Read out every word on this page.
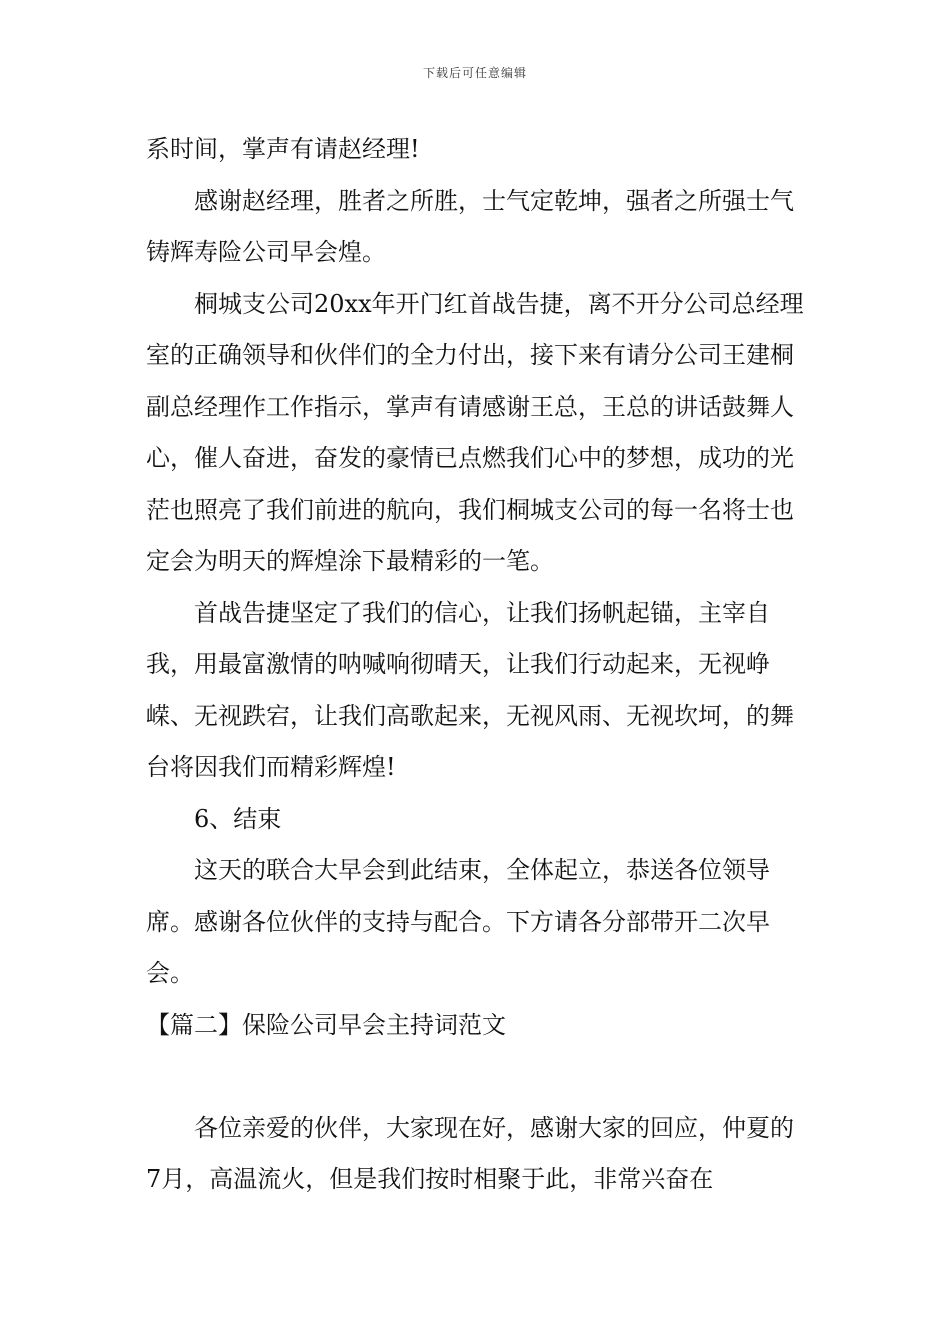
下载后可任意编辑

系时间，掌声有请赵经理!

感谢赵经理，胜者之所胜，士气定乾坤，强者之所强士气铸辉寿险公司早会煌。

桐城支公司20xx年开门红首战告捷，离不开分公司总经理室的正确领导和伙伴们的全力付出，接下来有请分公司王建桐副总经理作工作指示，掌声有请感谢王总，王总的讲话鼓舞人心，催人奋进，奋发的豪情已点燃我们心中的梦想，成功的光茫也照亮了我们前进的航向，我们桐城支公司的每一名将士也定会为明天的辉煌涂下最精彩的一笔。

首战告捷坚定了我们的信心，让我们扬帆起锚，主宰自我，用最富激情的呐喊响彻晴天，让我们行动起来，无视峥嵘、无视跌宕，让我们高歌起来，无视风雨、无视坎坷，的舞台将因我们而精彩辉煌!

6、结束

这天的联合大早会到此结束，全体起立，恭送各位领导席。感谢各位伙伴的支持与配合。下方请各分部带开二次早会。

【篇二】保险公司早会主持词范文

各位亲爱的伙伴，大家现在好，感谢大家的回应，仲夏的7月，高温流火，但是我们按时相聚于此，非常兴奋在
